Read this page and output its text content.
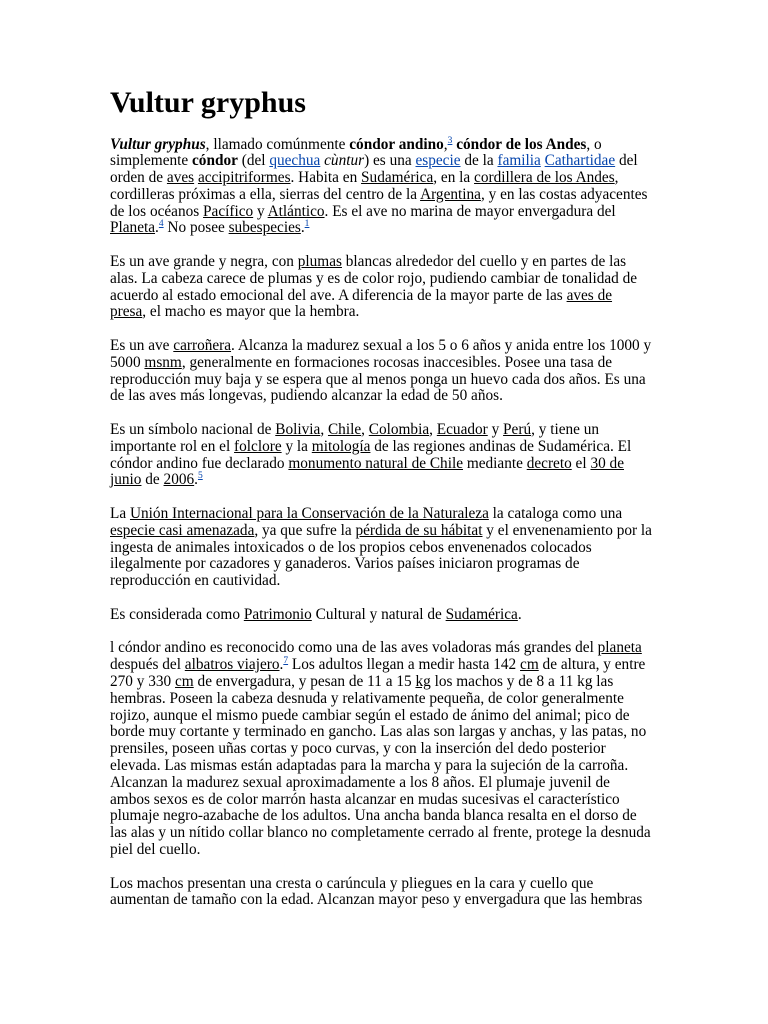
Vultur gryphus
Vultur gryphus, llamado comúnmente cóndor andino,$^3$ cóndor de los Andes, o
simplemente cóndor (del quechua cùntur) es una especie de la familia Cathartidae del
orden de aves accipitriformes. Habita en Sudamérica, en la cordillera de los Andes,
cordilleras próximas a ella, sierras del centro de la Argentina, y en las costas adyacentes
de los océanos Pacífico y Atlántico. Es el ave no marina de mayor envergadura del
Planeta.$^4$ No posee subespecies.$^1$
Es un ave grande y negra, con plumas blancas alrededor del cuello y en partes de las
alas. La cabeza carece de plumas y es de color rojo, pudiendo cambiar de tonalidad de
acuerdo al estado emocional del ave. A diferencia de la mayor parte de las aves de
presa, el macho es mayor que la hembra.
Es un ave carroñera. Alcanza la madurez sexual a los 5 o 6 años y anida entre los 1000 y
5000 msnm, generalmente en formaciones rocosas inaccesibles. Posee una tasa de
reproducción muy baja y se espera que al menos ponga un huevo cada dos años. Es una
de las aves más longevas, pudiendo alcanzar la edad de 50 años.
Es un símbolo nacional de Bolivia, Chile, Colombia, Ecuador y Perú, y tiene un
importante rol en el folclore y la mitología de las regiones andinas de Sudamérica. El
cóndor andino fue declarado monumento natural de Chile mediante decreto el 30 de
junio de 2006.$^5$
La Unión Internacional para la Conservación de la Naturaleza la cataloga como una
especie casi amenazada, ya que sufre la pérdida de su hábitat y el envenenamiento por la
ingesta de animales intoxicados o de los propios cebos envenenados colocados
ilegalmente por cazadores y ganaderos. Varios países iniciaron programas de
reproducción en cautividad.
Es considerada como Patrimonio Cultural y natural de Sudamérica.
l cóndor andino es reconocido como una de las aves voladoras más grandes del planeta
después del albatros viajero.$^7$ Los adultos llegan a medir hasta 142 cm de altura, y entre
270 y 330 cm de envergadura, y pesan de 11 a 15 kg los machos y de 8 a 11 kg las
hembras. Poseen la cabeza desnuda y relativamente pequeña, de color generalmente
rojizo, aunque el mismo puede cambiar según el estado de ánimo del animal; pico de
borde muy cortante y terminado en gancho. Las alas son largas y anchas, y las patas, no
prensiles, poseen uñas cortas y poco curvas, y con la inserción del dedo posterior
elevada. Las mismas están adaptadas para la marcha y para la sujeción de la carroña.
Alcanzan la madurez sexual aproximadamente a los 8 años. El plumaje juvenil de
ambos sexos es de color marrón hasta alcanzar en mudas sucesivas el característico
plumaje negro-azabache de los adultos. Una ancha banda blanca resalta en el dorso de
las alas y un nítido collar blanco no completamente cerrado al frente, protege la desnuda
piel del cuello.
Los machos presentan una cresta o carúncula y pliegues en la cara y cuello que
aumentan de tamaño con la edad. Alcanzan mayor peso y envergadura que las hembras
